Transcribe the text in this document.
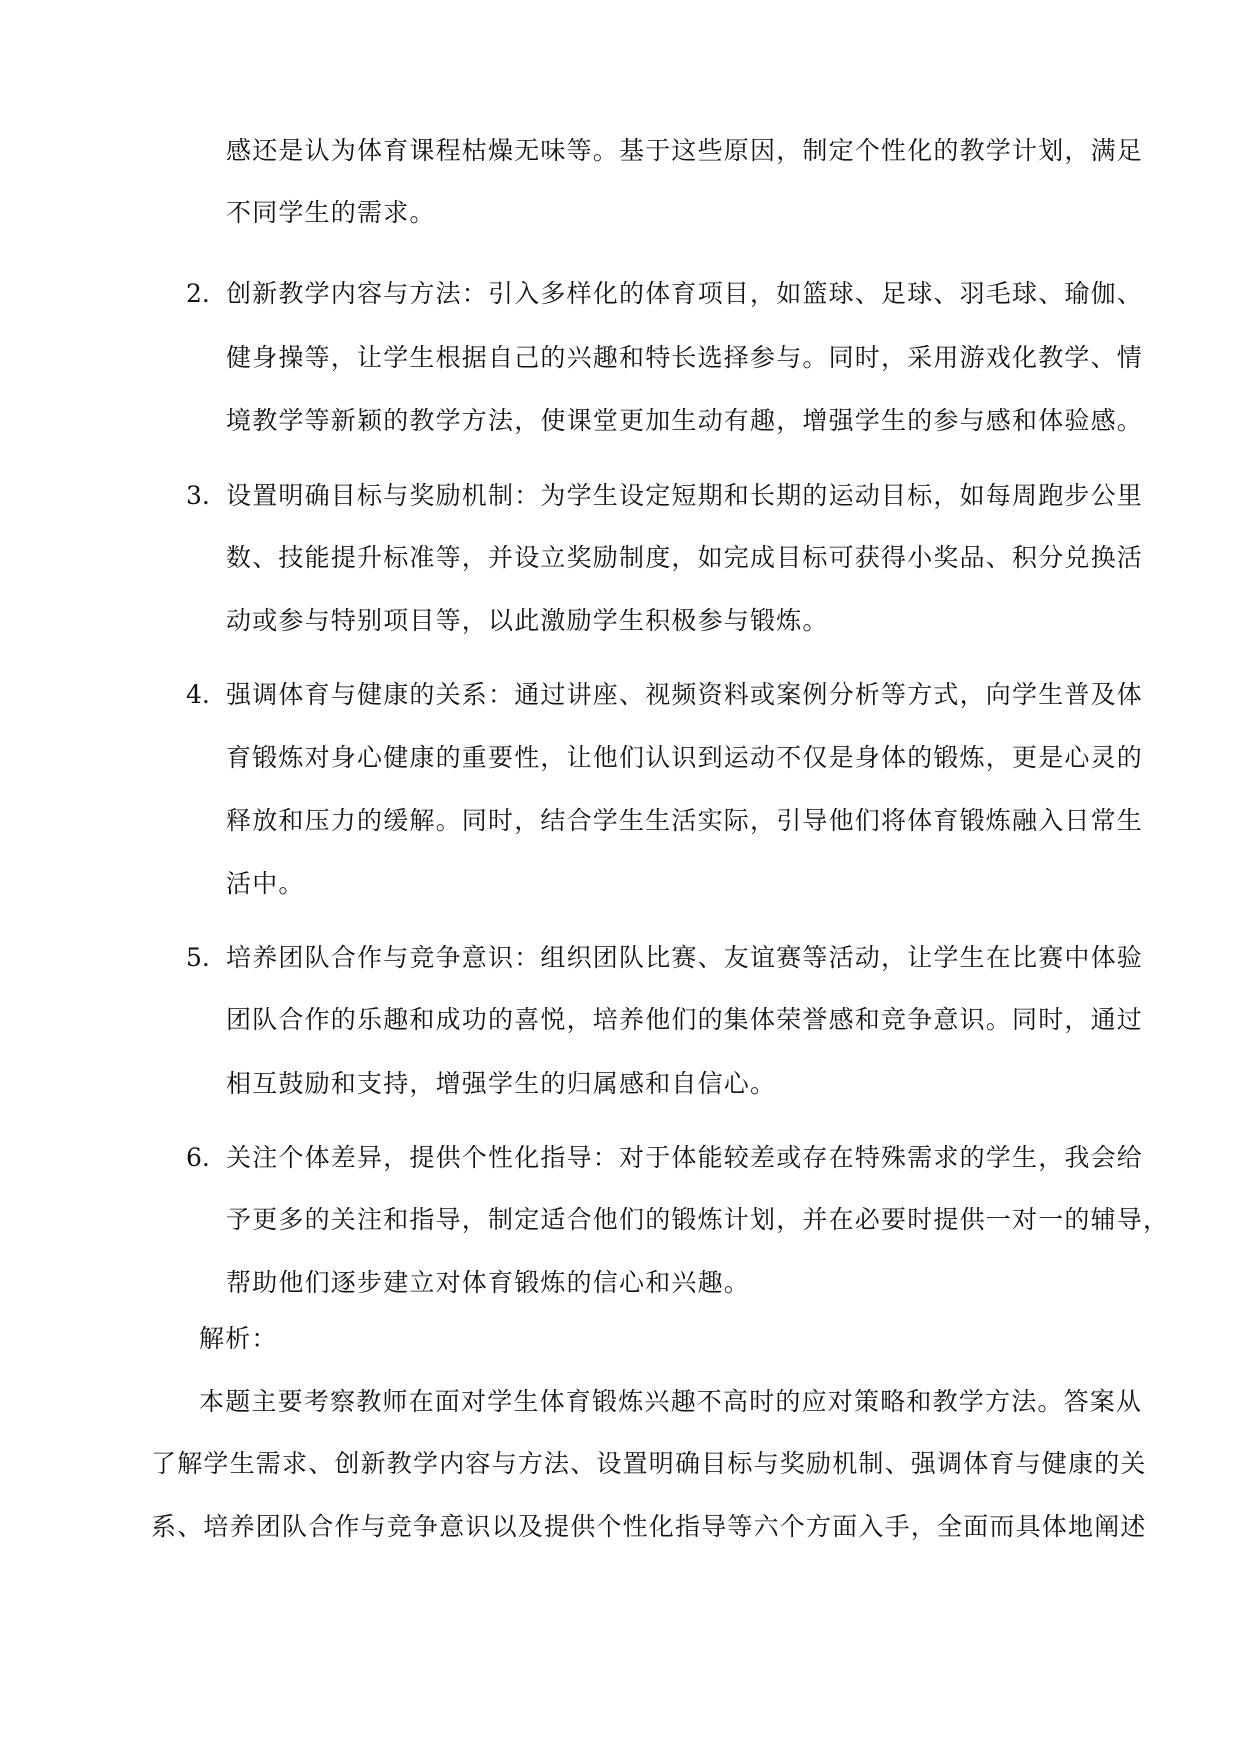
感还是认为体育课程枯燥无味等。基于这些原因，制定个性化的教学计划，满足
不同学生的需求。
2. 创新教学内容与方法：引入多样化的体育项目，如篮球、足球、羽毛球、瑜伽、
健身操等，让学生根据自己的兴趣和特长选择参与。同时，采用游戏化教学、情
境教学等新颖的教学方法，使课堂更加生动有趣，增强学生的参与感和体验感。
3. 设置明确目标与奖励机制：为学生设定短期和长期的运动目标，如每周跑步公里
数、技能提升标准等，并设立奖励制度，如完成目标可获得小奖品、积分兑换活
动或参与特别项目等，以此激励学生积极参与锻炼。
4. 强调体育与健康的关系：通过讲座、视频资料或案例分析等方式，向学生普及体
育锻炼对身心健康的重要性，让他们认识到运动不仅是身体的锻炼，更是心灵的
释放和压力的缓解。同时，结合学生生活实际，引导他们将体育锻炼融入日常生
活中。
5. 培养团队合作与竞争意识：组织团队比赛、友谊赛等活动，让学生在比赛中体验
团队合作的乐趣和成功的喜悦，培养他们的集体荣誉感和竞争意识。同时，通过
相互鼓励和支持，增强学生的归属感和自信心。
6. 关注个体差异，提供个性化指导：对于体能较差或存在特殊需求的学生，我会给
予更多的关注和指导，制定适合他们的锻炼计划，并在必要时提供一对一的辅导，
帮助他们逐步建立对体育锻炼的信心和兴趣。
解析：
本题主要考察教师在面对学生体育锻炼兴趣不高时的应对策略和教学方法。答案从
了解学生需求、创新教学内容与方法、设置明确目标与奖励机制、强调体育与健康的关
系、培养团队合作与竞争意识以及提供个性化指导等六个方面入手，全面而具体地阐述
